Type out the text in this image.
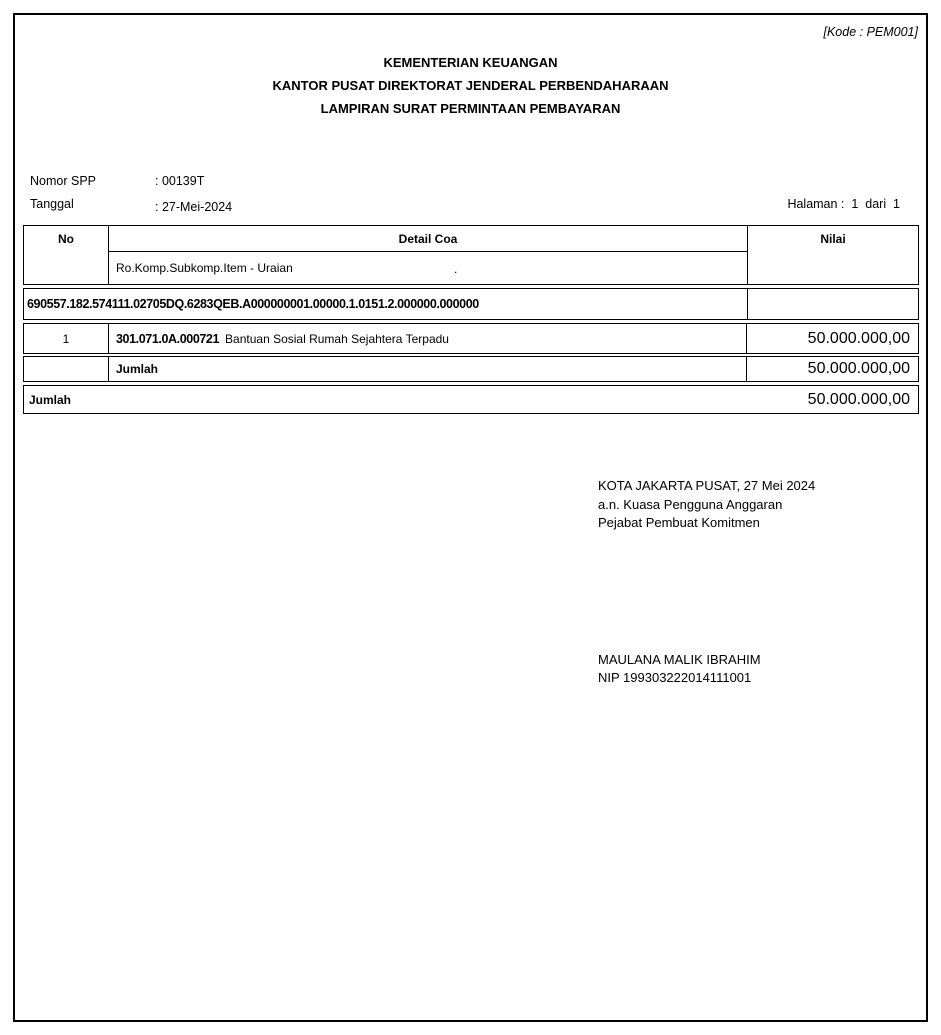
[Kode : PEM001]
KEMENTERIAN KEUANGAN
KANTOR PUSAT DIREKTORAT JENDERAL PERBENDAHARAAN
LAMPIRAN SURAT PERMINTAAN PEMBAYARAN
Nomor SPP	: 00139T
Tanggal	: 27-Mei-2024	Halaman :  1  dari  1
No	Detail Coa	Nilai
Ro.Komp.Subkomp.Item - Uraian	.
690557.182.574111.02705DQ.6283QEB.A000000001.00000.1.0151.2.000000.000000
1	301.071.0A.000721 Bantuan Sosial Rumah Sejahtera Terpadu	50.000.000,00
Jumlah	50.000.000,00
Jumlah	50.000.000,00
KOTA JAKARTA PUSAT, 27 Mei 2024
a.n. Kuasa Pengguna Anggaran
Pejabat Pembuat Komitmen
MAULANA MALIK IBRAHIM
NIP 199303222014111001
